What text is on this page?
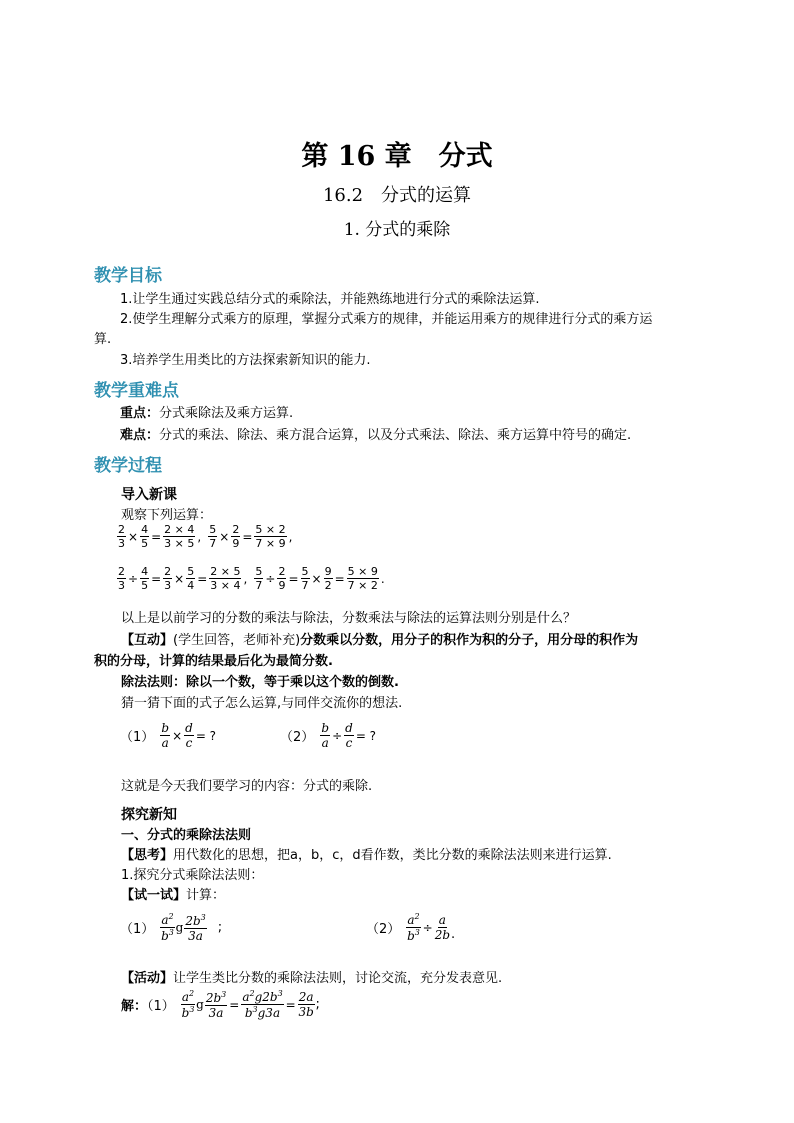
第 16 章　分式
16.2　分式的运算
1. 分式的乘除
教学目标
1.让学生通过实践总结分式的乘除法，并能熟练地进行分式的乘除法运算.
2.使学生理解分式乘方的原理，掌握分式乘方的规律，并能运用乘方的规律进行分式的乘方运
算.
3.培养学生用类比的方法探索新知识的能力.
教学重难点
重点：分式乘除法及乘方运算.
难点：分式的乘法、除法、乘方混合运算，以及分式乘法、除法、乘方运算中符号的确定.
教学过程
导入新课
观察下列运算：
$\frac{2}{3} \times \frac{4}{5} = \frac{2 \times 4}{3 \times 5}$ , $\frac{5}{7} \times \frac{2}{9} = \frac{5 \times 2}{7 \times 9}$ ,
$\frac{2}{3} \div \frac{4}{5} = \frac{2}{3} \times \frac{5}{4} = \frac{2 \times 5}{3 \times 4}$ , $\frac{5}{7} \div \frac{2}{9} = \frac{5}{7} \times \frac{9}{2} = \frac{5 \times 9}{7 \times 2}$ .
以上是以前学习的分数的乘法与除法，分数乘法与除法的运算法则分别是什么？
【互动】(学生回答，老师补充)分数乘以分数，用分子的积作为积的分子，用分母的积作为
积的分母，计算的结果最后化为最简分数.
除法法则：除以一个数，等于乘以这个数的倒数.
猜一猜下面的式子怎么运算,与同伴交流你的想法.
$(1) \frac{b}{a} \times \frac{d}{c}$ = ?	$(2) \frac{b}{a} \div \frac{d}{c}$ = ?
这就是今天我们要学习的内容：分式的乘除.
探究新知
一、分式的乘除法法则
【思考】用代数化的思想，把a，b，c，d看作数，类比分数的乘除法法则来进行运算.
1.探究分式乘除法法则：
【试一试】计算：
$(1) \frac{a^2}{b^3}$ g $\frac{2b^3}{3a}$ ;	$(2) \frac{a^2}{b^3} \div \frac{a}{2b}$ .
【活动】让学生类比分数的乘除法法则，讨论交流，充分发表意见.
解：$(1) \frac{a^2}{b^3}$ g $\frac{2b^3}{3a} = \frac{a^2g2b^3}{b^3g3a} = \frac{2a}{3b}$ ;
